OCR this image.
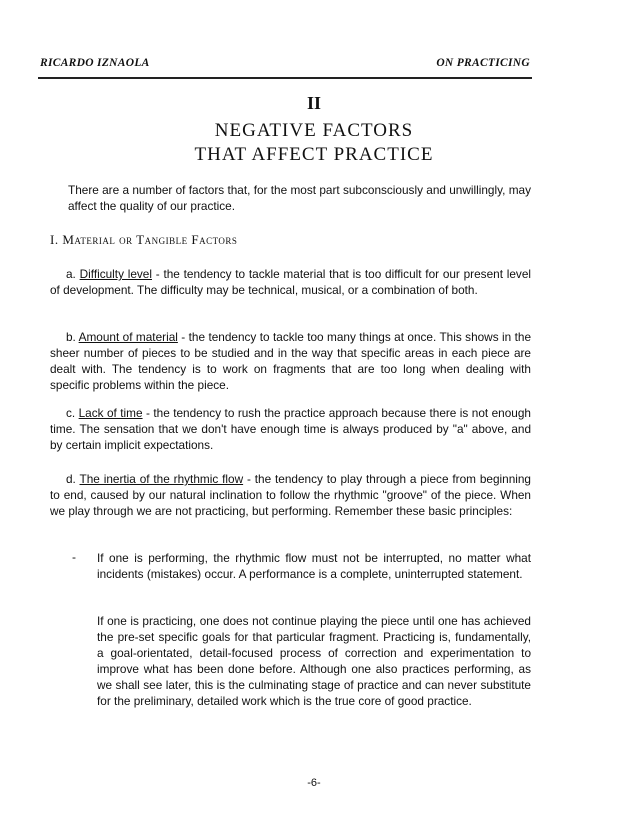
RICARDO IZNAOLA	ON PRACTICING
II
NEGATIVE FACTORS
THAT AFFECT PRACTICE
There are a number of factors that, for the most part subconsciously and unwillingly, may affect the quality of our practice.
I. Material or Tangible Factors
a. Difficulty level - the tendency to tackle material that is too difficult for our present level of development. The difficulty may be technical, musical, or a combination of both.
b. Amount of material - the tendency to tackle too many things at once. This shows in the sheer number of pieces to be studied and in the way that specific areas in each piece are dealt with. The tendency is to work on fragments that are too long when dealing with specific problems within the piece.
c. Lack of time - the tendency to rush the practice approach because there is not enough time. The sensation that we don't have enough time is always produced by "a" above, and by certain implicit expectations.
d. The inertia of the rhythmic flow - the tendency to play through a piece from beginning to end, caused by our natural inclination to follow the rhythmic "groove" of the piece. When we play through we are not practicing, but performing. Remember these basic principles:
- If one is performing, the rhythmic flow must not be interrupted, no matter what incidents (mistakes) occur. A performance is a complete, uninterrupted statement.
If one is practicing, one does not continue playing the piece until one has achieved the pre-set specific goals for that particular fragment. Practicing is, fundamentally, a goal-orientated, detail-focused process of correction and experimentation to improve what has been done before. Although one also practices performing, as we shall see later, this is the culminating stage of practice and can never substitute for the preliminary, detailed work which is the true core of good practice.
-6-
